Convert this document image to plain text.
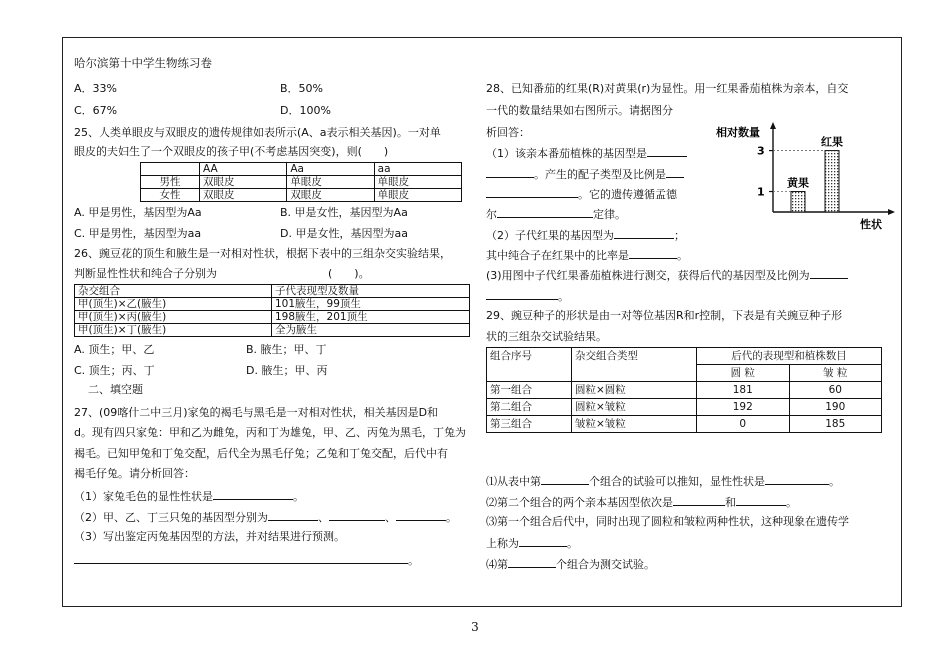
哈尔滨第十中学生物练习卷
A．33%	B．50%
C．67%	D．100%
25、人类单眼皮与双眼皮的遗传规律如表所示(A、a表示相关基因)。一对单
眼皮的夫妇生了一个双眼皮的孩子甲(不考虑基因突变)，则(　　)
	AA	Aa	aa
男性	双眼皮	单眼皮	单眼皮
女性	双眼皮	双眼皮	单眼皮
A. 甲是男性，基因型为Aa	B. 甲是女性，基因型为Aa
C. 甲是男性，基因型为aa	D. 甲是女性，基因型为aa
26、豌豆花的顶生和腋生是一对相对性状，根据下表中的三组杂交实验结果，
判断显性性状和纯合子分别为	(　　)。
杂交组合	子代表现型及数量
甲(顶生)×乙(腋生)	101腋生，99顶生
甲(顶生)×丙(腋生)	198腋生，201顶生
甲(顶生)×丁(腋生)	全为腋生
A. 顶生；甲、乙	B. 腋生；甲、丁
C. 顶生；丙、丁	D. 腋生；甲、丙
二、填空题
27、(09喀什二中三月)家兔的褐毛与黑毛是一对相对性状，相关基因是D和
d。现有四只家兔：甲和乙为雌兔，丙和丁为雄兔，甲、乙、丙兔为黑毛，丁兔为
褐毛。已知甲兔和丁兔交配，后代全为黑毛仔兔；乙兔和丁兔交配，后代中有
褐毛仔兔。请分析回答：
（1）家兔毛色的显性性状是	。
（2）甲、乙、丁三只兔的基因型分别为	、	、	。
（3）写出鉴定丙兔基因型的方法，并对结果进行预测。
。
28、已知番茄的红果(R)对黄果(r)为显性。用一红果番茄植株为亲本，自交
一代的数量结果如右图所示。请据图分
析回答：
（1）该亲本番茄植株的基因型是
。产生的配子类型及比例是
。它的遗传遵循孟德
尔	定律。
（2）子代红果的基因型为	；
其中纯合子在红果中的比率是	。
(3)用图中子代红果番茄植株进行测交，获得后代的基因型及比例为
。
29、豌豆种子的形状是由一对等位基因R和r控制，下表是有关豌豆种子形
状的三组杂交试验结果。
组合序号	杂交组合类型	后代的表现型和植株数目	
		圆 粒	皱 粒
第一组合	圆粒×圆粒	181	60
第二组合	圆粒×皱粒	192	190
第三组合	皱粒×皱粒	0	185
⑴从表中第	个组合的试验可以推知，显性性状是	。
⑵第二个组合的两个亲本基因型依次是	和	。
⑶第一个组合后代中，同时出现了圆粒和皱粒两种性状，这种现象在遗传学
上称为	。
⑷第	个组合为测交试验。
相对数量
性状
1
3
黄果
红果
3
